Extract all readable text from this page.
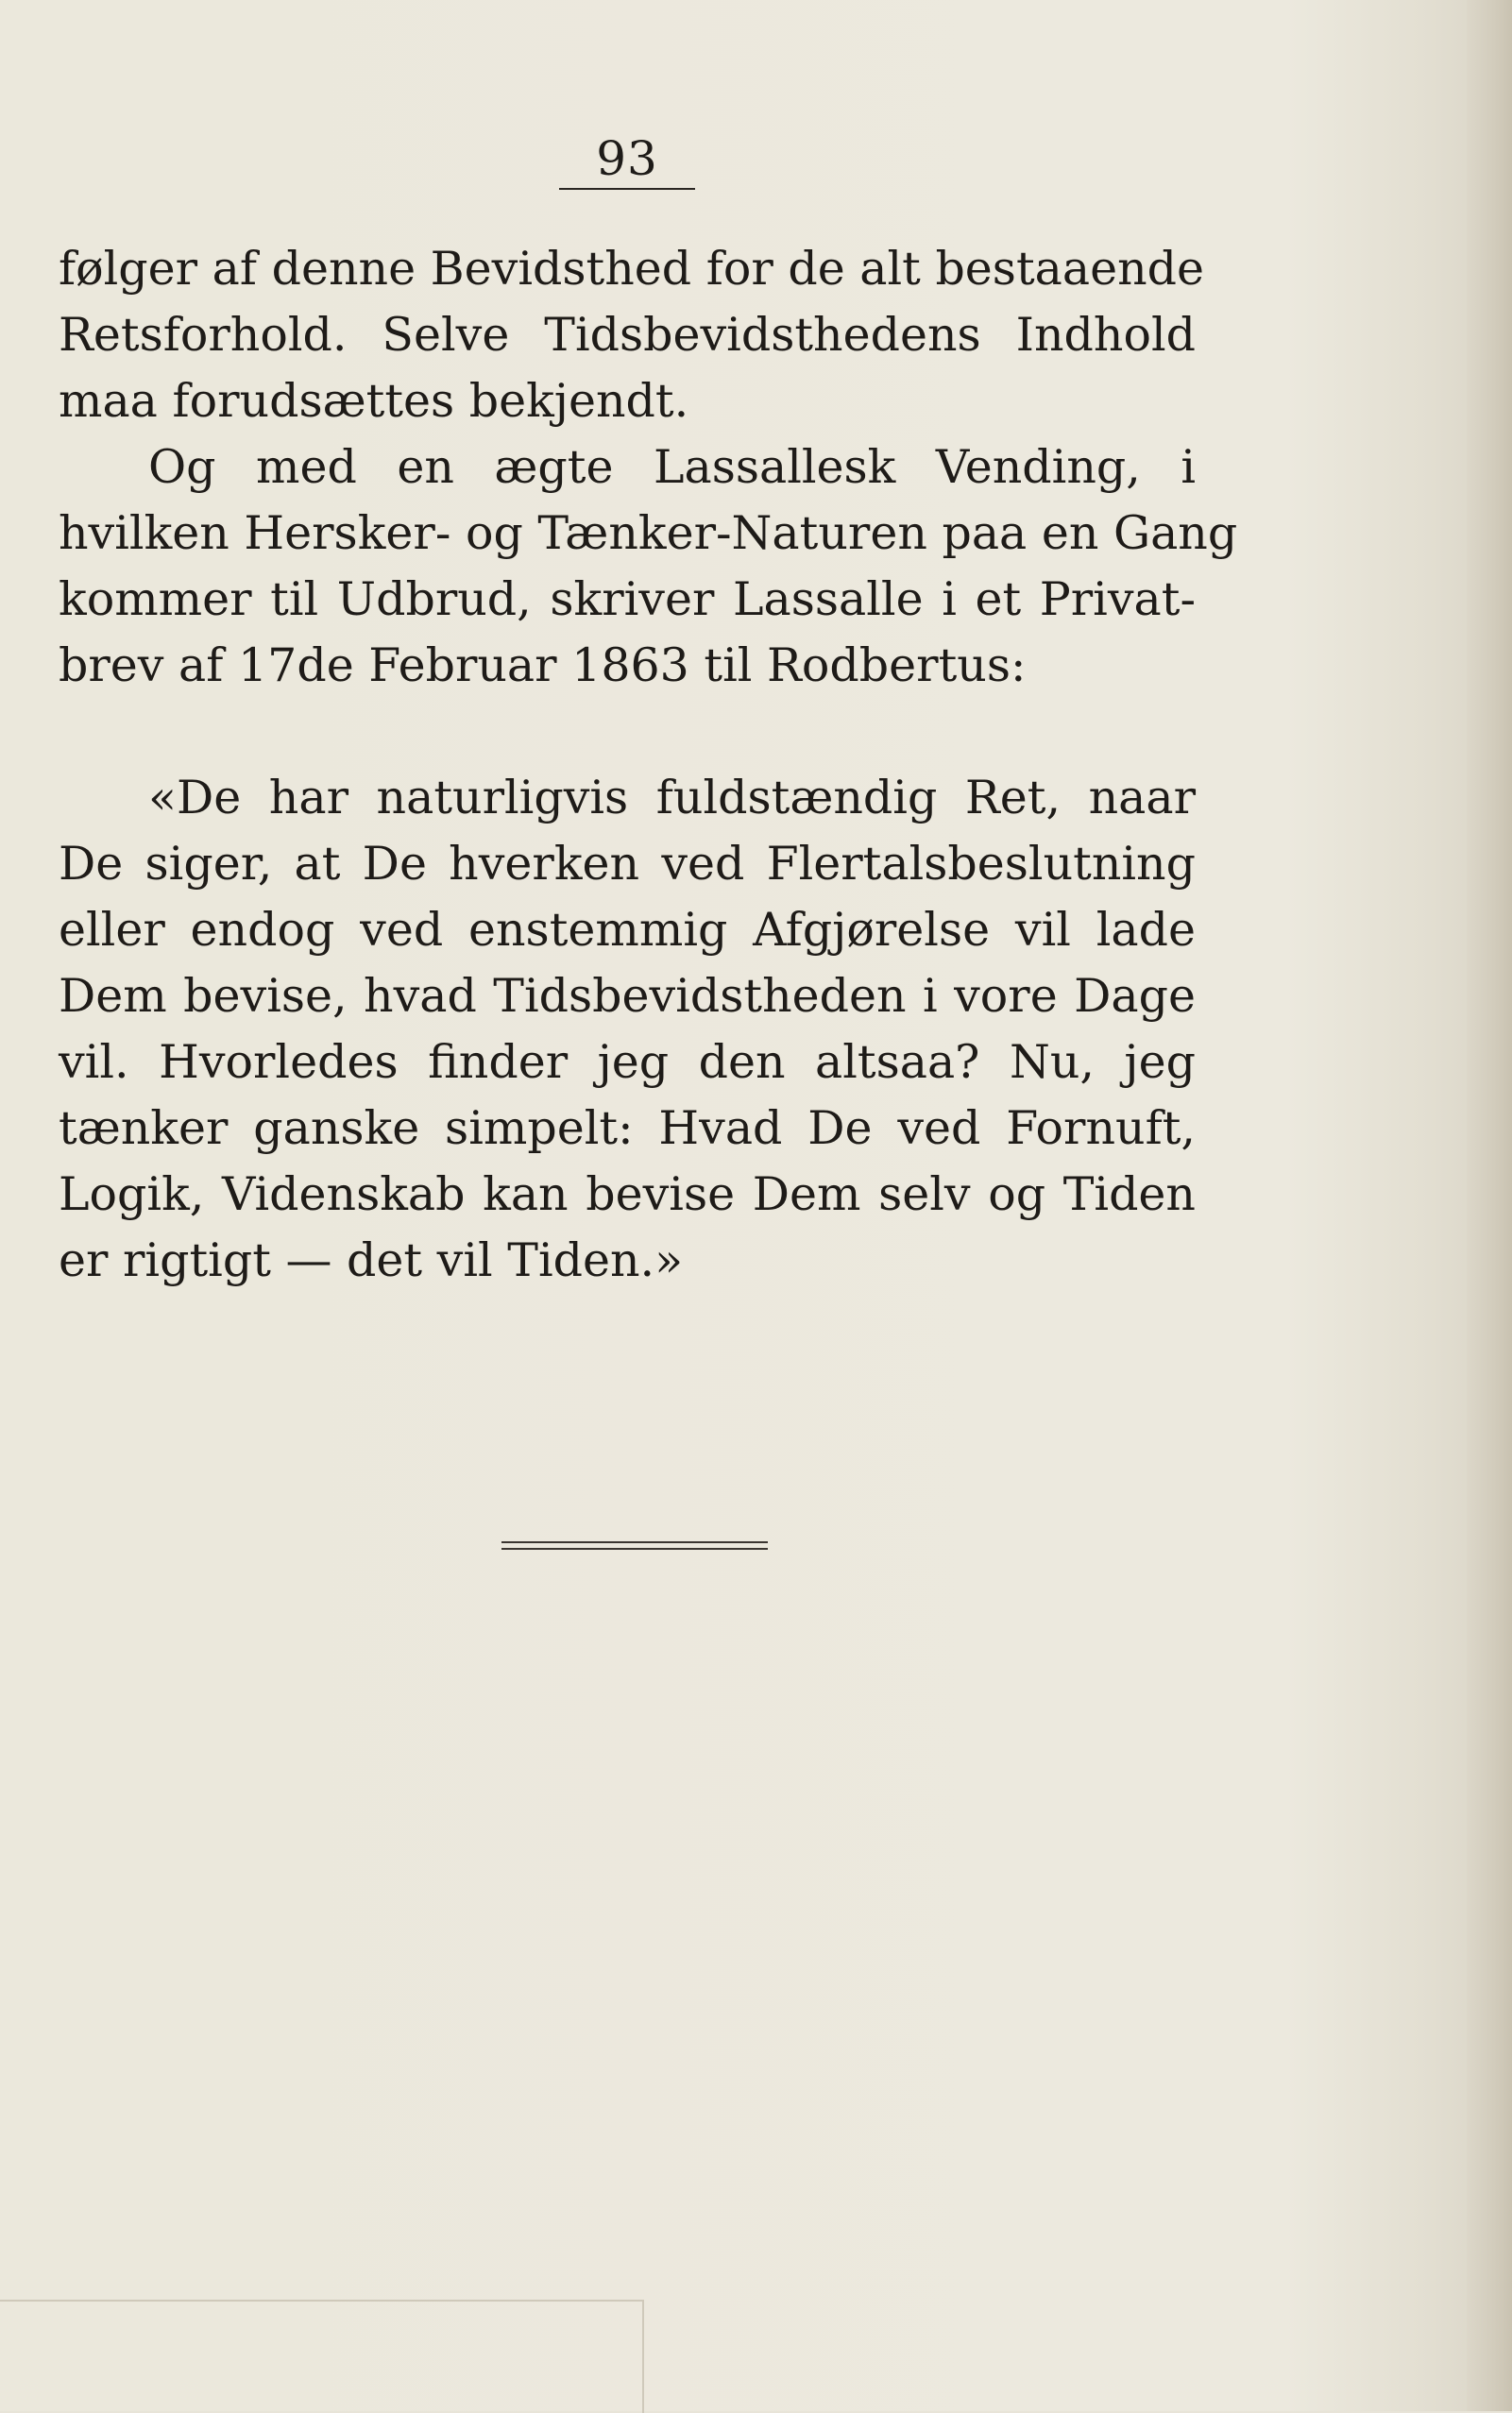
93
følger af denne Bevidsthed for de alt bestaaende
Retsforhold. Selve Tidsbevidsthedens Indhold
maa forudsættes bekjendt.
Og med en ægte Lassallesk Vending, i
hvilken Hersker- og Tænker-Naturen paa en Gang
kommer til Udbrud, skriver Lassalle i et Privat-
brev af 17de Februar 1863 til Rodbertus:
«De har naturligvis fuldstændig Ret, naar
De siger, at De hverken ved Flertalsbeslutning
eller endog ved enstemmig Afgjørelse vil lade
Dem bevise, hvad Tidsbevidstheden i vore Dage
vil. Hvorledes finder jeg den altsaa? Nu, jeg
tænker ganske simpelt: Hvad De ved Fornuft,
Logik, Videnskab kan bevise Dem selv og Tiden
er rigtigt — det vil Tiden.»
